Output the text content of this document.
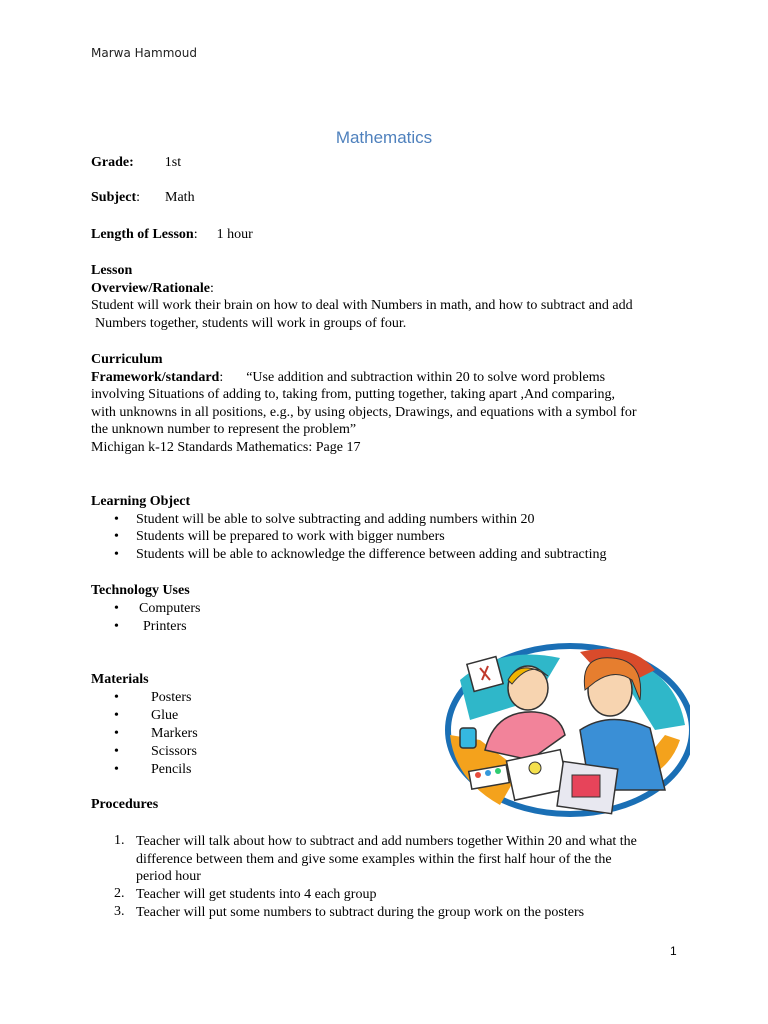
Marwa Hammoud
Mathematics
Grade: 1st
Subject: Math
Length of Lesson: 1 hour
Lesson
Overview/Rationale:
Student will work their brain on how to deal with Numbers in math, and how to subtract and add
Numbers together, students will work in groups of four.
Curriculum
Framework/standard: “Use addition and subtraction within 20 to solve word problems
involving Situations of adding to, taking from, putting together, taking apart ,And comparing,
with unknowns in all positions, e.g., by using objects, Drawings, and equations with a symbol for
the unknown number to represent the problem”
Michigan k-12 Standards Mathematics: Page 17
Learning Object
• Student will be able to solve subtracting and adding numbers within 20
• Students will be prepared to work with bigger numbers
• Students will be able to acknowledge the difference between adding and subtracting
Technology Uses
• Computers
• Printers
Materials
• Posters
• Glue
• Markers
• Scissors
• Pencils
Procedures
1. Teacher will talk about how to subtract and add numbers together Within 20 and what the
difference between them and give some examples within the first half hour of the the
period hour
2. Teacher will get students into 4 each group
3. Teacher will put some numbers to subtract during the group work on the posters
1
